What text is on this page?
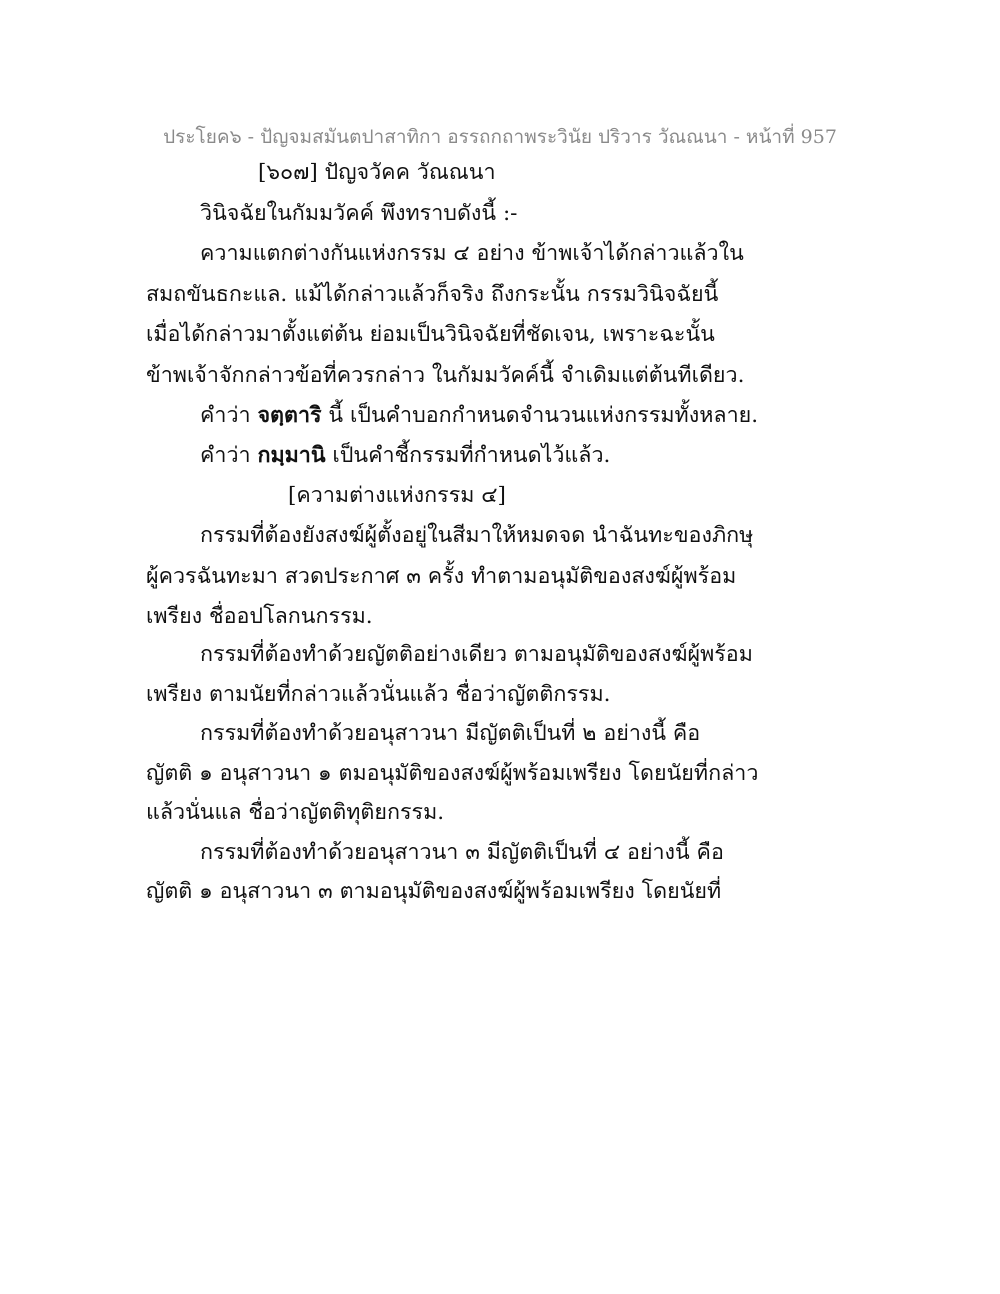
ประโยค๖ - ปัญจมสมันตปาสาทิกา อรรถกถาพระวินัย ปริวาร วัณณนา - หน้าที่ 957
[๖๐๗] ปัญจวัคค วัณณนา
วินิจฉัยในกัมมวัคค์ พึงทราบดังนี้ :-
ความแตกต่างกันแห่งกรรม ๔ อย่าง ข้าพเจ้าได้กล่าวแล้วใน
สมถขันธกะแล. แม้ได้กล่าวแล้วก็จริง ถึงกระนั้น กรรมวินิจฉัยนี้
เมื่อได้กล่าวมาตั้งแต่ต้น ย่อมเป็นวินิจฉัยที่ชัดเจน, เพราะฉะนั้น
ข้าพเจ้าจักกล่าวข้อที่ควรกล่าว ในกัมมวัคค์นี้ จำเดิมแต่ต้นทีเดียว.
คำว่า จตฺตาริ นี้ เป็นคำบอกกำหนดจำนวนแห่งกรรมทั้งหลาย.
คำว่า กมฺมานิ เป็นคำชี้กรรมที่กำหนดไว้แล้ว.
[ความต่างแห่งกรรม ๔]
กรรมที่ต้องยังสงฆ์ผู้ตั้งอยู่ในสีมาให้หมดจด นำฉันทะของภิกษุ
ผู้ควรฉันทะมา สวดประกาศ ๓ ครั้ง ทำตามอนุมัติของสงฆ์ผู้พร้อม
เพรียง ชื่ออปโลกนกรรม.
กรรมที่ต้องทำด้วยญัตติอย่างเดียว ตามอนุมัติของสงฆ์ผู้พร้อม
เพรียง ตามนัยที่กล่าวแล้วนั่นแล้ว ชื่อว่าญัตติกรรม.
กรรมที่ต้องทำด้วยอนุสาวนา มีญัตติเป็นที่ ๒ อย่างนี้ คือ
ญัตติ ๑ อนุสาวนา ๑ ตมอนุมัติของสงฆ์ผู้พร้อมเพรียง โดยนัยที่กล่าว
แล้วนั่นแล ชื่อว่าญัตติทุติยกรรม.
กรรมที่ต้องทำด้วยอนุสาวนา ๓ มีญัตติเป็นที่ ๔ อย่างนี้ คือ
ญัตติ ๑ อนุสาวนา ๓ ตามอนุมัติของสงฆ์ผู้พร้อมเพรียง โดยนัยที่
